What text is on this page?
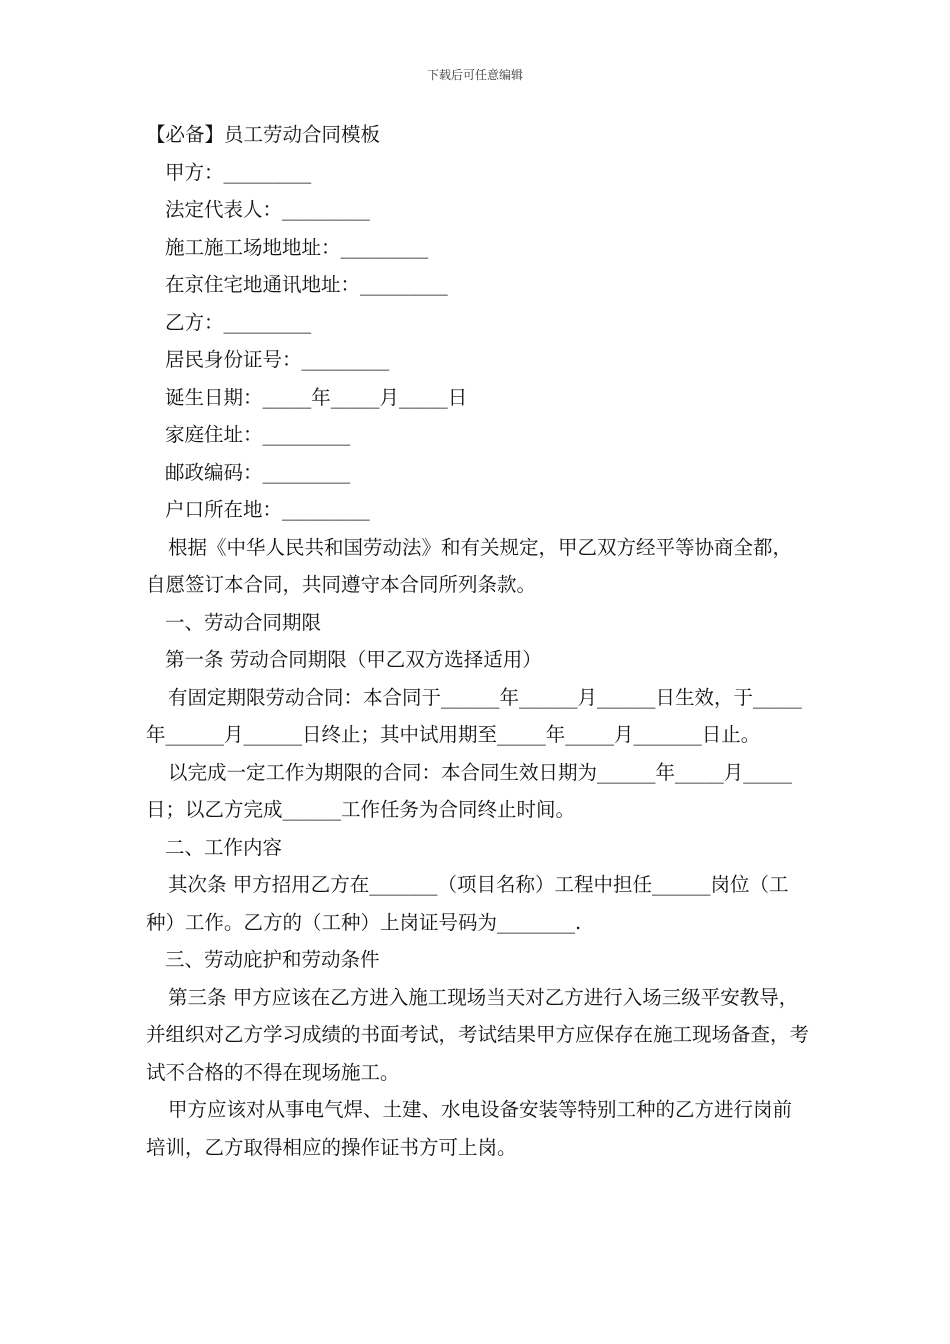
下载后可任意编辑

【必备】员工劳动合同模板

甲方：_________

法定代表人：_________

施工施工场地地址：_________

在京住宅地通讯地址：_________

乙方：_________

居民身份证号：_________

诞生日期：_____年_____月_____日

家庭住址：_________

邮政编码：_________

户口所在地：_________

根据《中华人民共和国劳动法》和有关规定，甲乙双方经平等协商全都，自愿签订本合同，共同遵守本合同所列条款。

一、劳动合同期限

第一条 劳动合同期限（甲乙双方选择适用）

有固定期限劳动合同：本合同于______年______月______日生效，于_____年______月______日终止；其中试用期至_____年_____月_______日止。

以完成一定工作为期限的合同：本合同生效日期为______年_____月_____日；以乙方完成______工作任务为合同终止时间。

二、工作内容

其次条 甲方招用乙方在_______（项目名称）工程中担任______岗位（工种）工作。乙方的（工种）上岗证号码为________.

三、劳动庇护和劳动条件

第三条 甲方应该在乙方进入施工现场当天对乙方进行入场三级平安教导，并组织对乙方学习成绩的书面考试，考试结果甲方应保存在施工现场备查，考试不合格的不得在现场施工。

甲方应该对从事电气焊、土建、水电设备安装等特别工种的乙方进行岗前培训，乙方取得相应的操作证书方可上岗。
